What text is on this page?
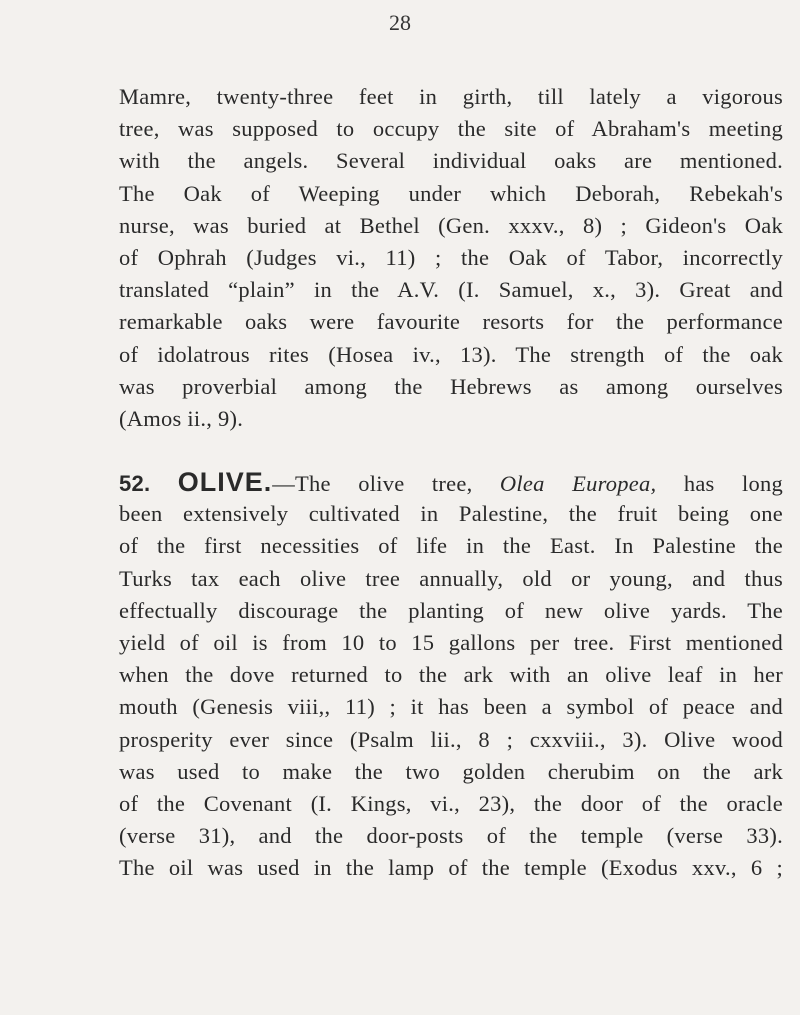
28
Mamre, twenty-three feet in girth, till lately a vigorous
tree, was supposed to occupy the site of Abraham's meeting
with the angels. Several individual oaks are mentioned.
The Oak of Weeping under which Deborah, Rebekah's
nurse, was buried at Bethel (Gen. xxxv., 8) ; Gideon's Oak
of Ophrah (Judges vi., 11) ; the Oak of Tabor, incorrectly
translated “plain” in the A.V. (I. Samuel, x., 3). Great and
remarkable oaks were favourite resorts for the performance
of idolatrous rites (Hosea iv., 13). The strength of the oak
was proverbial among the Hebrews as among ourselves
(Amos ii., 9).
52. OLIVE.—The olive tree, Olea Europea, has long
been extensively cultivated in Palestine, the fruit being one
of the first necessities of life in the East. In Palestine the
Turks tax each olive tree annually, old or young, and thus
effectually discourage the planting of new olive yards. The
yield of oil is from 10 to 15 gallons per tree. First mentioned
when the dove returned to the ark with an olive leaf in her
mouth (Genesis viii,, 11) ; it has been a symbol of peace and
prosperity ever since (Psalm lii., 8 ; cxxviii., 3). Olive wood
was used to make the two golden cherubim on the ark
of the Covenant (I. Kings, vi., 23), the door of the oracle
(verse 31), and the door-posts of the temple (verse 33).
The oil was used in the lamp of the temple (Exodus xxv., 6 ;
